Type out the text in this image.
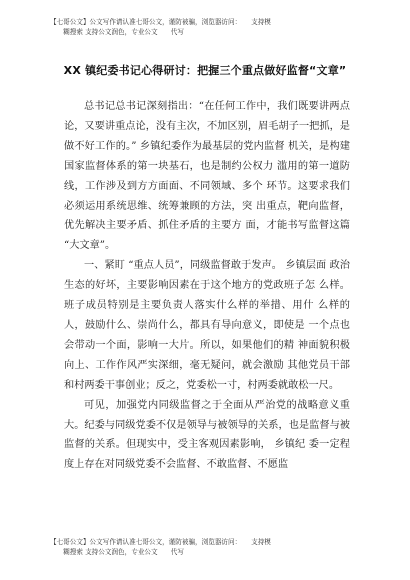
【七哥公文】公文写作请认准七哥公文，谨防被骗，浏览器访问：　　支持模
　　糊搜索 支持公文润色，专业公文　　代写
XX 镇纪委书记心得研讨：把握三个重点做好监督“文章”

总书记总书记深刻指出：“在任何工作中，我们既要讲两点论，又要讲重点论，没有主次，不加区别，眉毛胡子一把抓，是做不好工作的。” 乡镇纪委作为最基层的党内监督 机关，是构建国家监督体系的第一块基石，也是制约公权力 滥用的第一道防线，工作涉及到方方面面、不同领域、多个 环节。这要求我们必须运用系统思维、统筹兼顾的方法，突 出重点，靶向监督，优先解决主要矛盾、抓住矛盾的主要方 面，才能书写监督这篇 “大文章”。

一、紧盯 “重点人员”，同级监督敢于发声。 乡镇层面 政治生态的好坏，主要影响因素在于这个地方的党政班子怎 么样。班子成员特别是主要负责人落实什么样的举措、用什 么样的人，鼓励什么、崇尚什么，都具有导向意义，即使是 一个点也会带动一个面，影响一大片。所以，如果他们的精 神面貌积极向上、工作作风严实深细，毫无疑问，就会激励 其他党员干部和村两委干事创业；反之，党委松一寸，村两委就敢松一尺。

可见，加强党内同级监督之于全面从严治党的战略意义重大。纪委与同级党委不仅是领导与被领导的关系，也是监督与被监督的关系。但现实中，受主客观因素影响， 乡镇纪 委一定程度上存在对同级党委不会监督、不敢监督、不愿监

【七哥公文】公文写作请认准七哥公文，谨防被骗，浏览器访问：　　支持模
　　糊搜索 支持公文润色，专业公文　　代写
